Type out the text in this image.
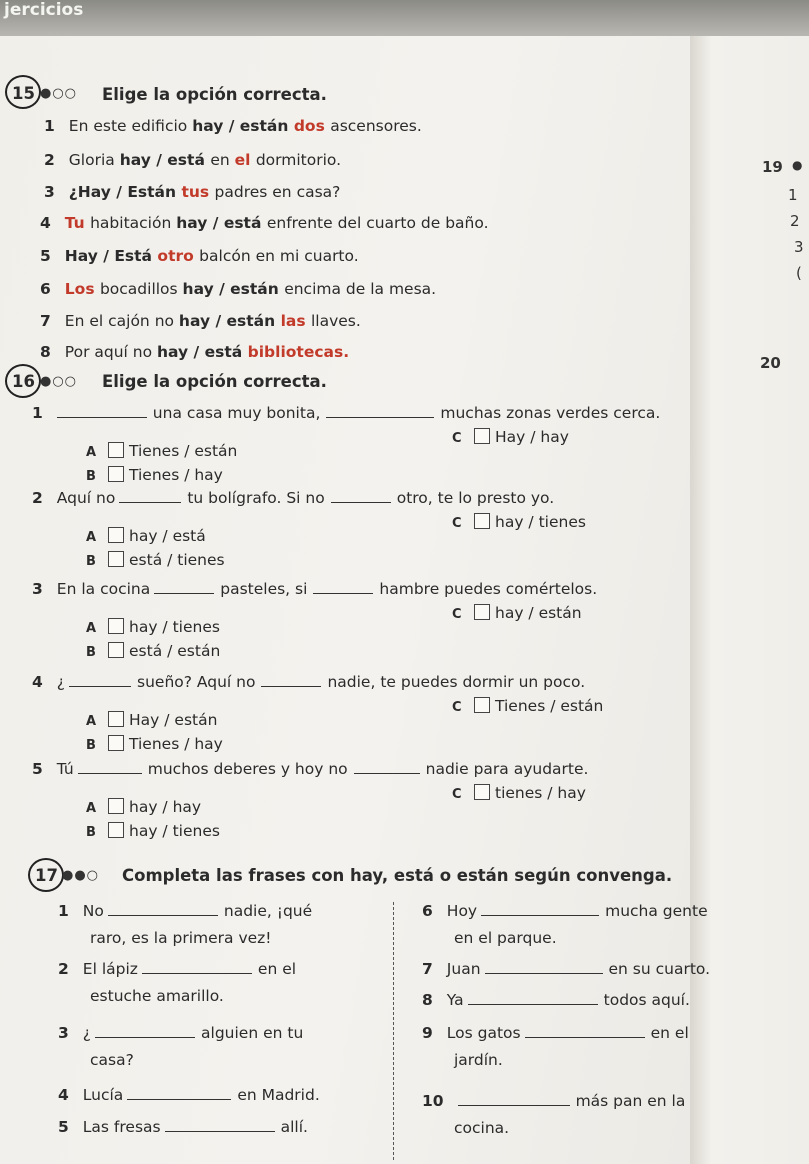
jercicios
19 ●
1
2
3
(
20
15 ●○○ Elige la opción correcta.
1 En este edificio hay / están dos ascensores.
2 Gloria hay / está en el dormitorio.
3 ¿Hay / Están tus padres en casa?
4 Tu habitación hay / está enfrente del cuarto de baño.
5 Hay / Está otro balcón en mi cuarto.
6 Los bocadillos hay / están encima de la mesa.
7 En el cajón no hay / están las llaves.
8 Por aquí no hay / está bibliotecas.
16 ●○○ Elige la opción correcta.
1	una casa muy bonita,	muchas zonas verdes cerca.
C Hay / hay
A Tienes / están
B Tienes / hay
2 Aquí no	tu bolígrafo. Si no	otro, te lo presto yo.
C hay / tienes
A hay / está
B está / tienes
3 En la cocina	pasteles, si	hambre puedes comértelos.
C hay / están
A hay / tienes
B está / están
4 ¿	sueño? Aquí no	nadie, te puedes dormir un poco.
C Tienes / están
A Hay / están
B Tienes / hay
5 Tú	muchos deberes y hoy no	nadie para ayudarte.
C tienes / hay
A hay / hay
B hay / tienes
17 ●●○ Completa las frases con hay, está o están según convenga.
1 No	nadie, ¡qué
raro, es la primera vez!
2 El lápiz	en el
estuche amarillo.
3 ¿	alguien en tu
casa?
4 Lucía	en Madrid.
5 Las fresas	allí.
6 Hoy	mucha gente
en el parque.
7 Juan	en su cuarto.
8 Ya	todos aquí.
9 Los gatos	en el
jardín.
10	más pan en la
cocina.
